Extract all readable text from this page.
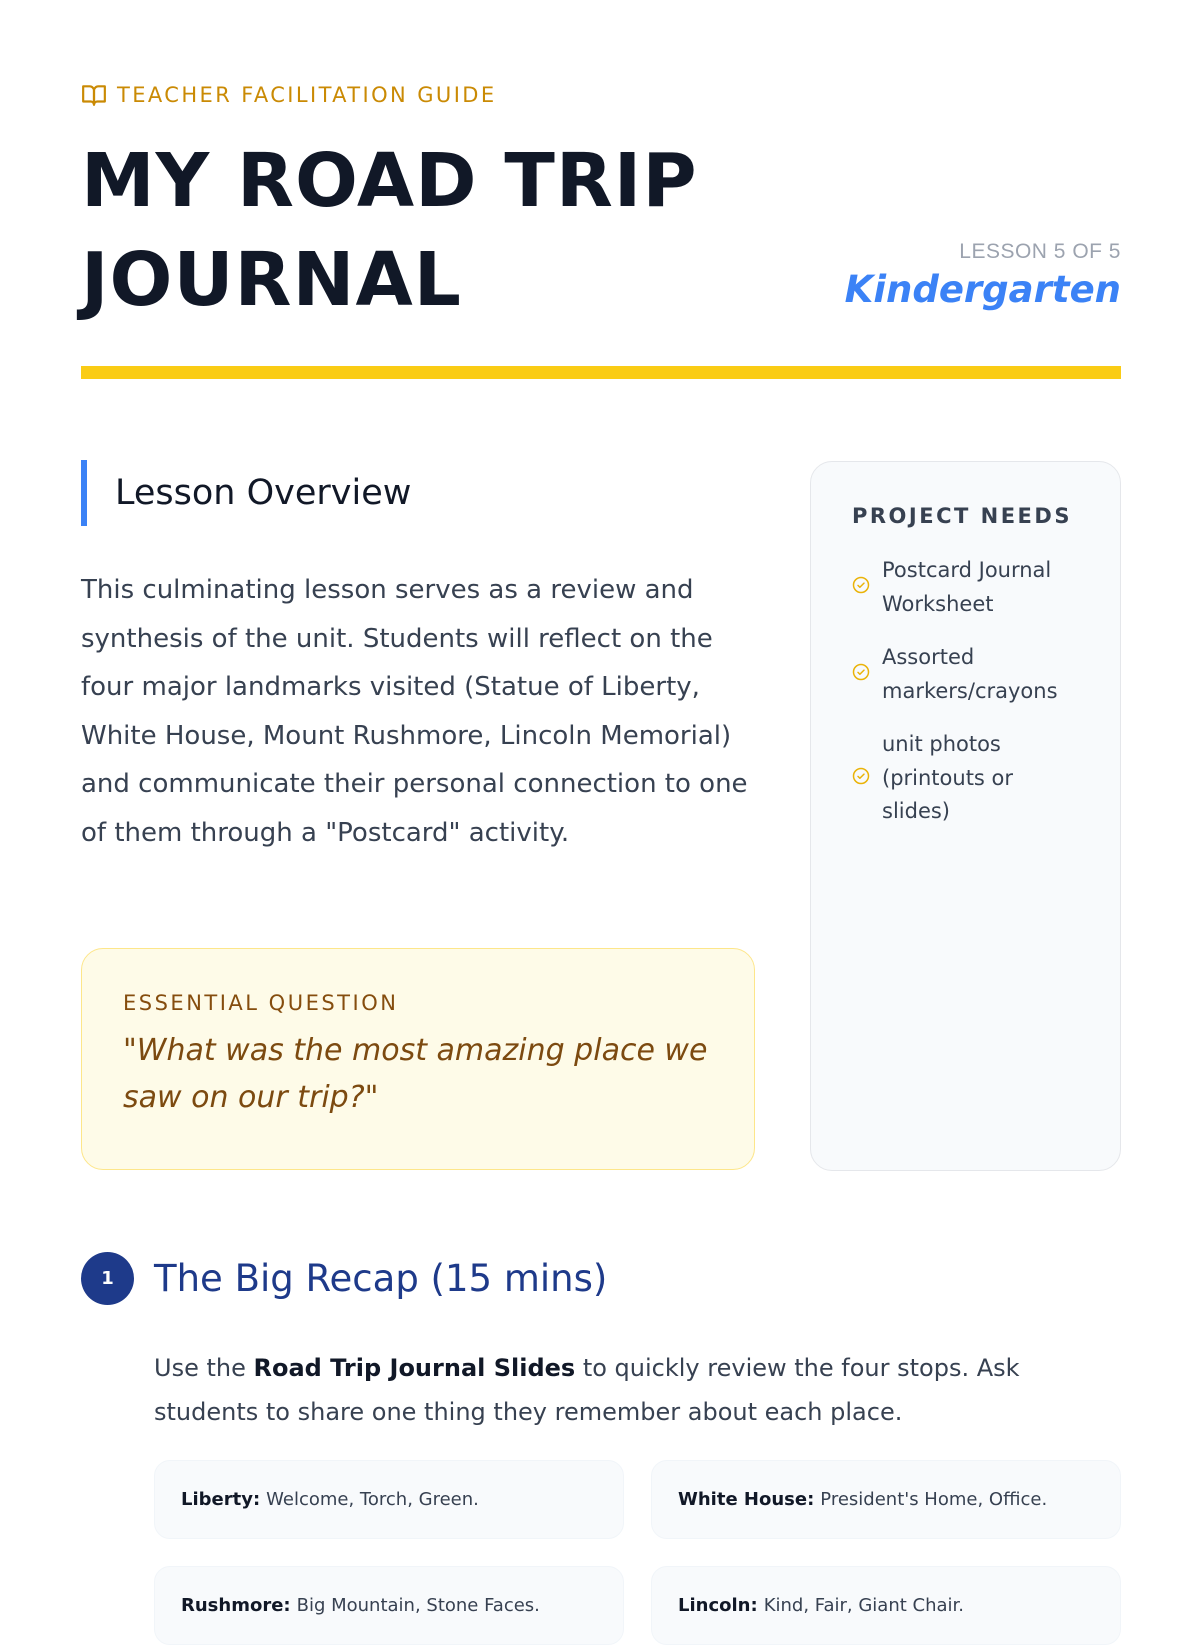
TEACHER FACILITATION GUIDE
MY ROAD TRIP JOURNAL	LESSON 5 OF 5
Kindergarten
Lesson Overview

This culminating lesson serves as a review and synthesis of the unit. Students will reflect on the four major landmarks visited (Statue of Liberty, White House, Mount Rushmore, Lincoln Memorial) and communicate their personal connection to one of them through a "Postcard" activity.

ESSENTIAL QUESTION
"What was the most amazing place we saw on our trip?"
PROJECT NEEDS
Postcard Journal Worksheet
Assorted markers/crayons
unit photos (printouts or slides)
1	The Big Recap (15 mins)

Use the Road Trip Journal Slides to quickly review the four stops. Ask students to share one thing they remember about each place.

Liberty: Welcome, Torch, Green.	White House: President's Home, Office.
Rushmore: Big Mountain, Stone Faces.	Lincoln: Kind, Fair, Giant Chair.
